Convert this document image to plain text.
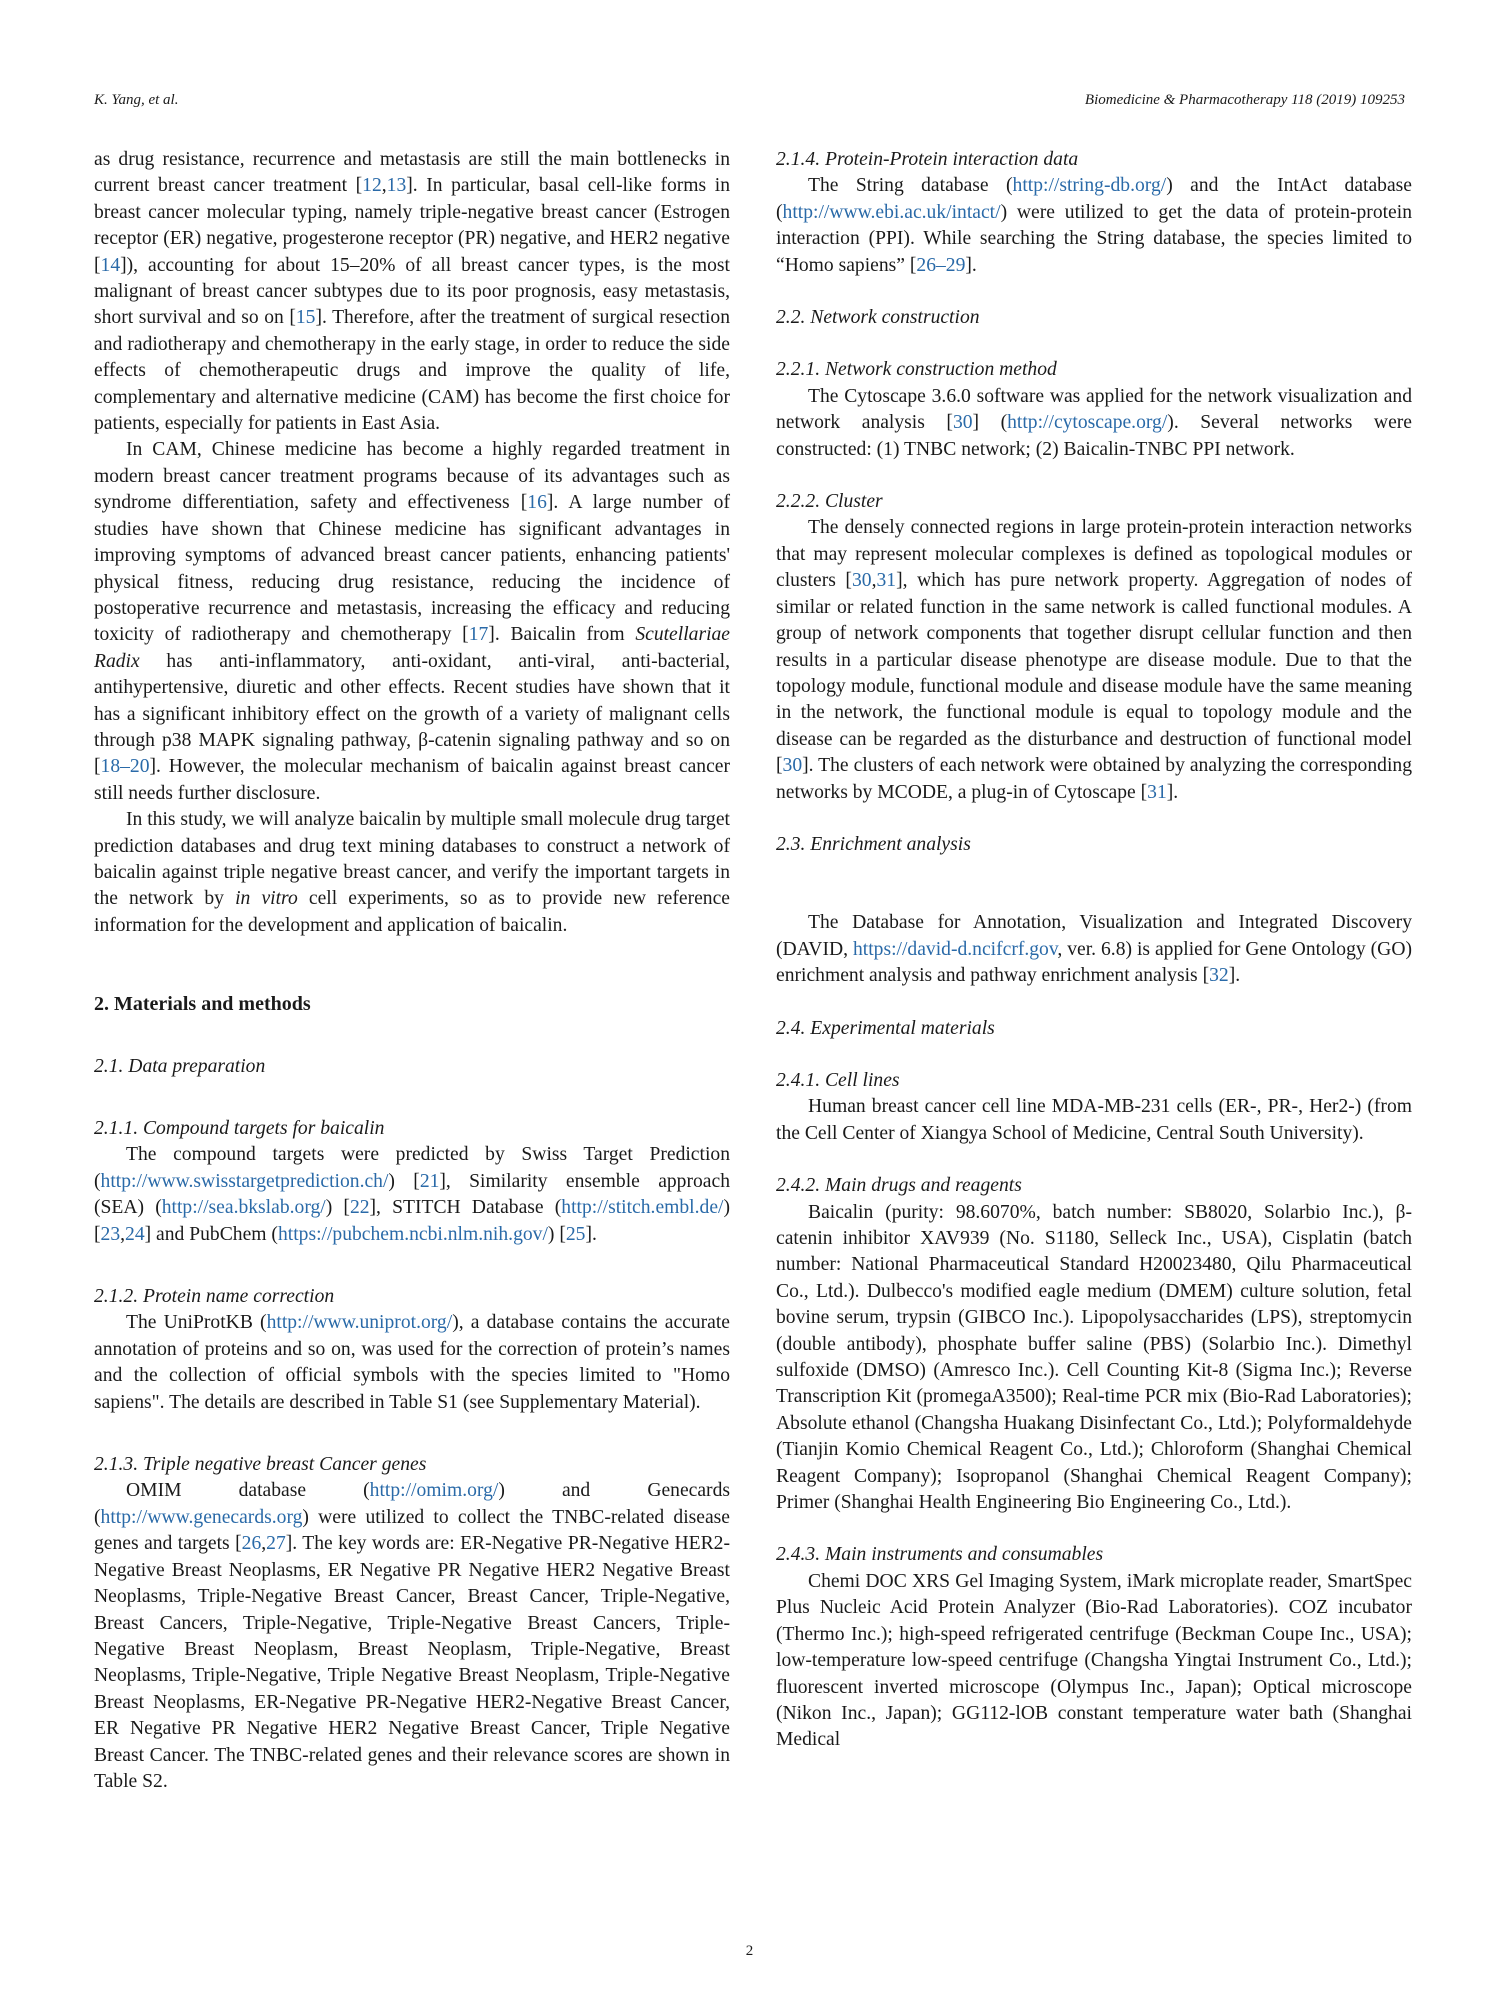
K. Yang, et al.	Biomedicine & Pharmacotherapy 118 (2019) 109253

as drug resistance, recurrence and metastasis are still the main bottlenecks in current breast cancer treatment [12,13]. In particular, basal cell-like forms in breast cancer molecular typing, namely triple-negative breast cancer (Estrogen receptor (ER) negative, progesterone receptor (PR) negative, and HER2 negative [14]), accounting for about 15–20% of all breast cancer types, is the most malignant of breast cancer subtypes due to its poor prognosis, easy metastasis, short survival and so on [15]. Therefore, after the treatment of surgical resection and radiotherapy and chemotherapy in the early stage, in order to reduce the side effects of chemotherapeutic drugs and improve the quality of life, complementary and alternative medicine (CAM) has become the first choice for patients, especially for patients in East Asia.

In CAM, Chinese medicine has become a highly regarded treatment in modern breast cancer treatment programs because of its advantages such as syndrome differentiation, safety and effectiveness [16]. A large number of studies have shown that Chinese medicine has significant advantages in improving symptoms of advanced breast cancer patients, enhancing patients' physical fitness, reducing drug resistance, reducing the incidence of postoperative recurrence and metastasis, increasing the efficacy and reducing toxicity of radiotherapy and chemotherapy [17]. Baicalin from Scutellariae Radix has anti-inflammatory, anti-oxidant, anti-viral, anti-bacterial, antihypertensive, diuretic and other effects. Recent studies have shown that it has a significant inhibitory effect on the growth of a variety of malignant cells through p38 MAPK signaling pathway, β-catenin signaling pathway and so on [18–20]. However, the molecular mechanism of baicalin against breast cancer still needs further disclosure.

In this study, we will analyze baicalin by multiple small molecule drug target prediction databases and drug text mining databases to construct a network of baicalin against triple negative breast cancer, and verify the important targets in the network by in vitro cell experiments, so as to provide new reference information for the development and application of baicalin.

2. Materials and methods
2.1. Data preparation
2.1.1. Compound targets for baicalin

The compound targets were predicted by Swiss Target Prediction (http://www.swisstargetprediction.ch/) [21], Similarity ensemble approach (SEA) (http://sea.bkslab.org/) [22], STITCH Database (http://stitch.embl.de/) [23,24] and PubChem (https://pubchem.ncbi.nlm.nih.gov/) [25].

2.1.2. Protein name correction

The UniProtKB (http://www.uniprot.org/), a database contains the accurate annotation of proteins and so on, was used for the correction of protein’s names and the collection of official symbols with the species limited to "Homo sapiens". The details are described in Table S1 (see Supplementary Material).

2.1.3. Triple negative breast Cancer genes

OMIM database (http://omim.org/) and Genecards (http://www.genecards.org) were utilized to collect the TNBC-related disease genes and targets [26,27]. The key words are: ER-Negative PR-Negative HER2-Negative Breast Neoplasms, ER Negative PR Negative HER2 Negative Breast Neoplasms, Triple-Negative Breast Cancer, Breast Cancer, Triple-Negative, Breast Cancers, Triple-Negative, Triple-Negative Breast Cancers, Triple-Negative Breast Neoplasm, Breast Neoplasm, Triple-Negative, Breast Neoplasms, Triple-Negative, Triple Negative Breast Neoplasm, Triple-Negative Breast Neoplasms, ER-Negative PR-Negative HER2-Negative Breast Cancer, ER Negative PR Negative HER2 Negative Breast Cancer, Triple Negative Breast Cancer. The TNBC-related genes and their relevance scores are shown in Table S2.

2.1.4. Protein-Protein interaction data

The String database (http://string-db.org/) and the IntAct database (http://www.ebi.ac.uk/intact/) were utilized to get the data of protein-protein interaction (PPI). While searching the String database, the species limited to “Homo sapiens” [26–29].

2.2. Network construction
2.2.1. Network construction method

The Cytoscape 3.6.0 software was applied for the network visualization and network analysis [30] (http://cytoscape.org/). Several networks were constructed: (1) TNBC network; (2) Baicalin-TNBC PPI network.

2.2.2. Cluster

The densely connected regions in large protein-protein interaction networks that may represent molecular complexes is defined as topological modules or clusters [30,31], which has pure network property. Aggregation of nodes of similar or related function in the same network is called functional modules. A group of network components that together disrupt cellular function and then results in a particular disease phenotype are disease module. Due to that the topology module, functional module and disease module have the same meaning in the network, the functional module is equal to topology module and the disease can be regarded as the disturbance and destruction of functional model [30]. The clusters of each network were obtained by analyzing the corresponding networks by MCODE, a plug-in of Cytoscape [31].

2.3. Enrichment analysis

The Database for Annotation, Visualization and Integrated Discovery (DAVID, https://david-d.ncifcrf.gov, ver. 6.8) is applied for Gene Ontology (GO) enrichment analysis and pathway enrichment analysis [32].

2.4. Experimental materials
2.4.1. Cell lines

Human breast cancer cell line MDA-MB-231 cells (ER-, PR-, Her2-) (from the Cell Center of Xiangya School of Medicine, Central South University).

2.4.2. Main drugs and reagents

Baicalin (purity: 98.6070%, batch number: SB8020, Solarbio Inc.), β-catenin inhibitor XAV939 (No. S1180, Selleck Inc., USA), Cisplatin (batch number: National Pharmaceutical Standard H20023480, Qilu Pharmaceutical Co., Ltd.). Dulbecco's modified eagle medium (DMEM) culture solution, fetal bovine serum, trypsin (GIBCO Inc.). Lipopolysaccharides (LPS), streptomycin (double antibody), phosphate buffer saline (PBS) (Solarbio Inc.). Dimethyl sulfoxide (DMSO) (Amresco Inc.). Cell Counting Kit-8 (Sigma Inc.); Reverse Transcription Kit (promegaA3500); Real-time PCR mix (Bio-Rad Laboratories); Absolute ethanol (Changsha Huakang Disinfectant Co., Ltd.); Polyformaldehyde (Tianjin Komio Chemical Reagent Co., Ltd.); Chloroform (Shanghai Chemical Reagent Company); Isopropanol (Shanghai Chemical Reagent Company); Primer (Shanghai Health Engineering Bio Engineering Co., Ltd.).

2.4.3. Main instruments and consumables

Chemi DOC XRS Gel Imaging System, iMark microplate reader, SmartSpec Plus Nucleic Acid Protein Analyzer (Bio-Rad Laboratories). COZ incubator (Thermo Inc.); high-speed refrigerated centrifuge (Beckman Coupe Inc., USA); low-temperature low-speed centrifuge (Changsha Yingtai Instrument Co., Ltd.); fluorescent inverted microscope (Olympus Inc., Japan); Optical microscope (Nikon Inc., Japan); GG112-lOB constant temperature water bath (Shanghai Medical

2
